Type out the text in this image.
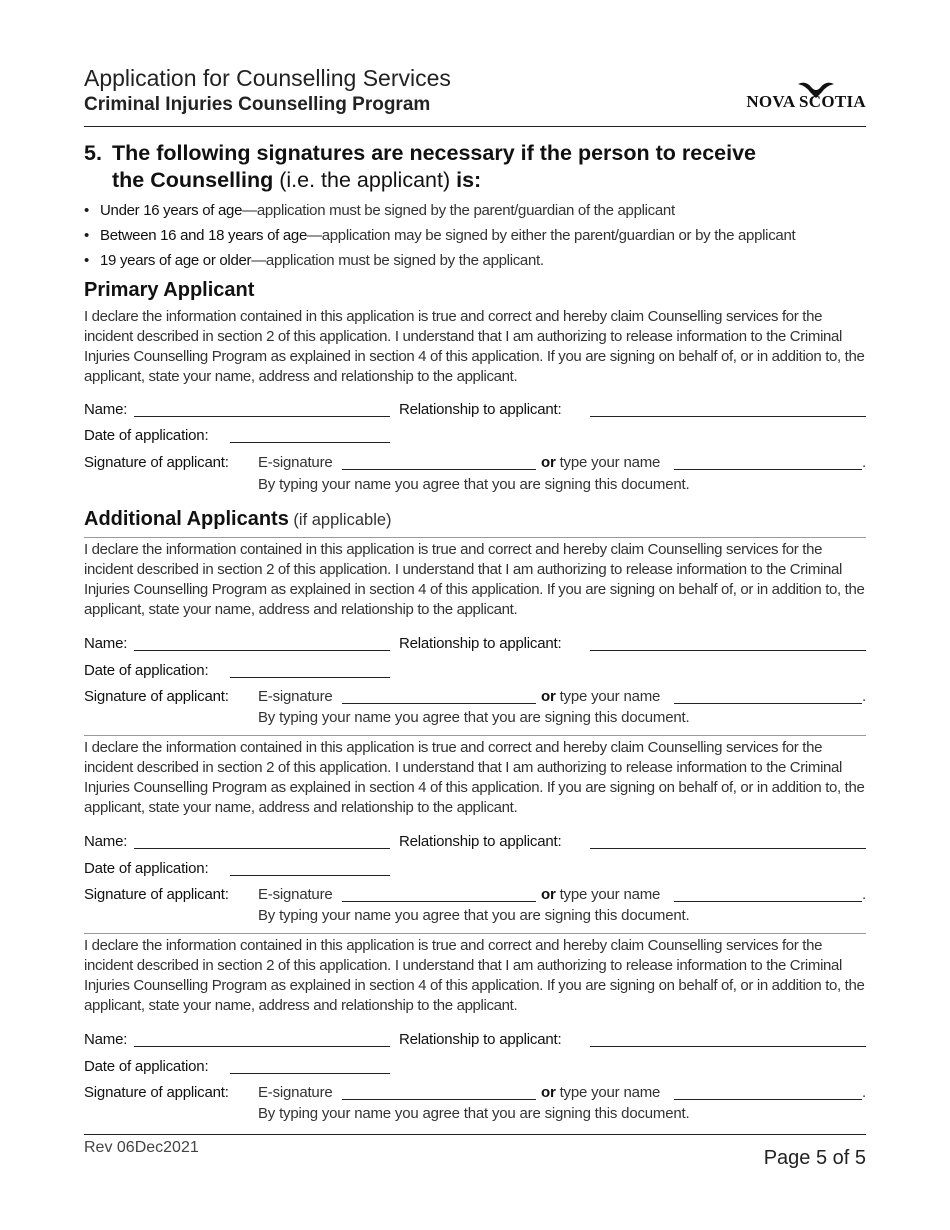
Application for Counselling Services
Criminal Injuries Counselling Program	NOVA SCOTIA
5. The following signatures are necessary if the person to receive
the Counselling (i.e. the applicant) is:
• Under 16 years of age—application must be signed by the parent/guardian of the applicant
• Between 16 and 18 years of age—application may be signed by either the parent/guardian or by the applicant
• 19 years of age or older—application must be signed by the applicant.
Primary Applicant
I declare the information contained in this application is true and correct and hereby claim Counselling services for the incident described in section 2 of this application. I understand that I am authorizing to release information to the Criminal Injuries Counselling Program as explained in section 4 of this application. If you are signing on behalf of, or in addition to, the applicant, state your name, address and relationship to the applicant.
Name:	Relationship to applicant:
Date of application:
Signature of applicant: E-signature	or type your name	.
By typing your name you agree that you are signing this document.
Additional Applicants (if applicable)
I declare the information contained in this application is true and correct and hereby claim Counselling services for the incident described in section 2 of this application. I understand that I am authorizing to release information to the Criminal Injuries Counselling Program as explained in section 4 of this application. If you are signing on behalf of, or in addition to, the applicant, state your name, address and relationship to the applicant.
Name:	Relationship to applicant:
Date of application:
Signature of applicant: E-signature	or type your name	.
By typing your name you agree that you are signing this document.
I declare the information contained in this application is true and correct and hereby claim Counselling services for the incident described in section 2 of this application. I understand that I am authorizing to release information to the Criminal Injuries Counselling Program as explained in section 4 of this application. If you are signing on behalf of, or in addition to, the applicant, state your name, address and relationship to the applicant.
Name:	Relationship to applicant:
Date of application:
Signature of applicant: E-signature	or type your name	.
By typing your name you agree that you are signing this document.
I declare the information contained in this application is true and correct and hereby claim Counselling services for the incident described in section 2 of this application. I understand that I am authorizing to release information to the Criminal Injuries Counselling Program as explained in section 4 of this application. If you are signing on behalf of, or in addition to, the applicant, state your name, address and relationship to the applicant.
Name:	Relationship to applicant:
Date of application:
Signature of applicant: E-signature	or type your name	.
By typing your name you agree that you are signing this document.
Rev 06Dec2021	Page 5 of 5
